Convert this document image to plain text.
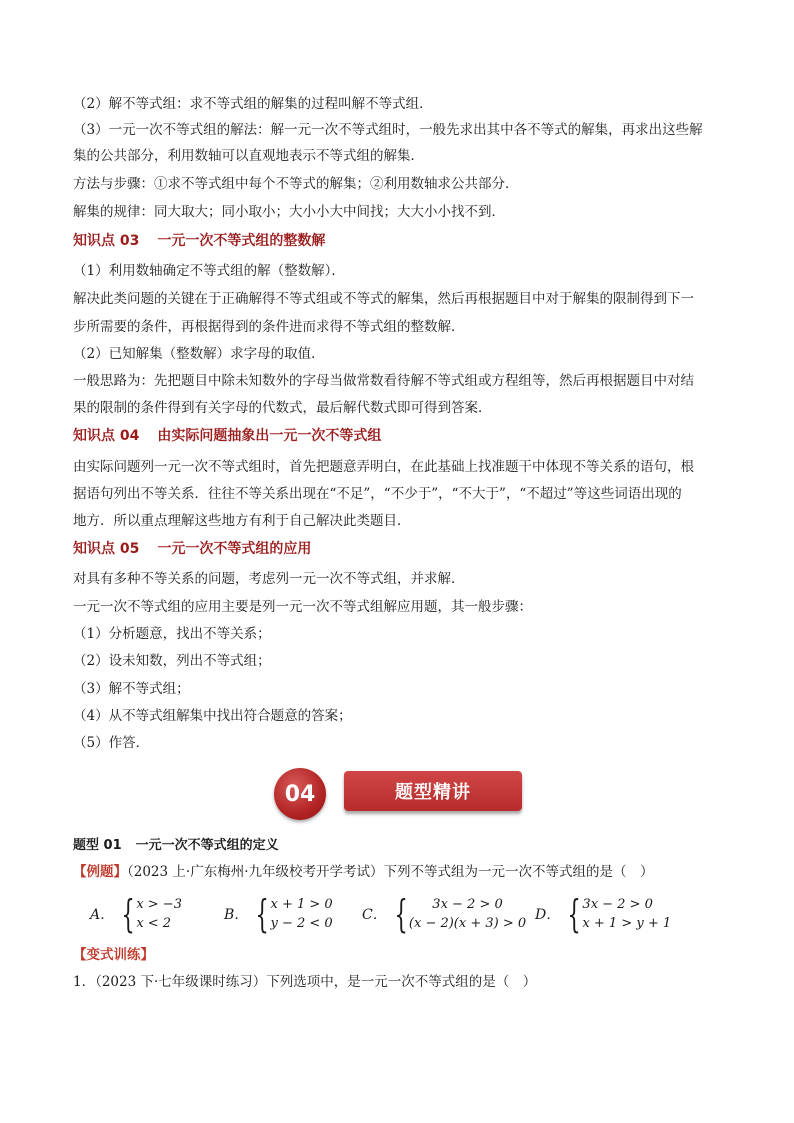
（2）解不等式组：求不等式组的解集的过程叫解不等式组．
（3）一元一次不等式组的解法：解一元一次不等式组时，一般先求出其中各不等式的解集，再求出这些解
集的公共部分，利用数轴可以直观地表示不等式组的解集．
方法与步骤：①求不等式组中每个不等式的解集；②利用数轴求公共部分．
解集的规律：同大取大；同小取小；大小小大中间找；大大小小找不到．
知识点 03 一元一次不等式组的整数解
（1）利用数轴确定不等式组的解（整数解）．
解决此类问题的关键在于正确解得不等式组或不等式的解集，然后再根据题目中对于解集的限制得到下一
步所需要的条件，再根据得到的条件进而求得不等式组的整数解．
（2）已知解集（整数解）求字母的取值．
一般思路为：先把题目中除未知数外的字母当做常数看待解不等式组或方程组等，然后再根据题目中对结
果的限制的条件得到有关字母的代数式，最后解代数式即可得到答案．
知识点 04 由实际问题抽象出一元一次不等式组
由实际问题列一元一次不等式组时，首先把题意弄明白，在此基础上找准题干中体现不等关系的语句，根
据语句列出不等关系．往往不等关系出现在“不足”，“不少于”，“不大于”，“不超过”等这些词语出现的
地方．所以重点理解这些地方有利于自己解决此类题目．
知识点 05 一元一次不等式组的应用
对具有多种不等关系的问题，考虑列一元一次不等式组，并求解．
一元一次不等式组的应用主要是列一元一次不等式组解应用题，其一般步骤：
（1）分析题意，找出不等关系；
（2）设未知数，列出不等式组；
（3）解不等式组；
（4）从不等式组解集中找出符合题意的答案；
（5）作答．
04	题型精讲
题型 01 一元一次不等式组的定义
【例题】（2023 上·广东梅州·九年级校考开学考试）下列不等式组为一元一次不等式组的是（　）
A． { x > −3
x < 2
B． { x + 1 > 0
y − 2 < 0
C． {	3x − 2 > 0
(x − 2)(x + 3) > 0
D． { 3x − 2 > 0
x + 1 > y + 1
【变式训练】
1．（2023 下·七年级课时练习）下列选项中，是一元一次不等式组的是（　）
